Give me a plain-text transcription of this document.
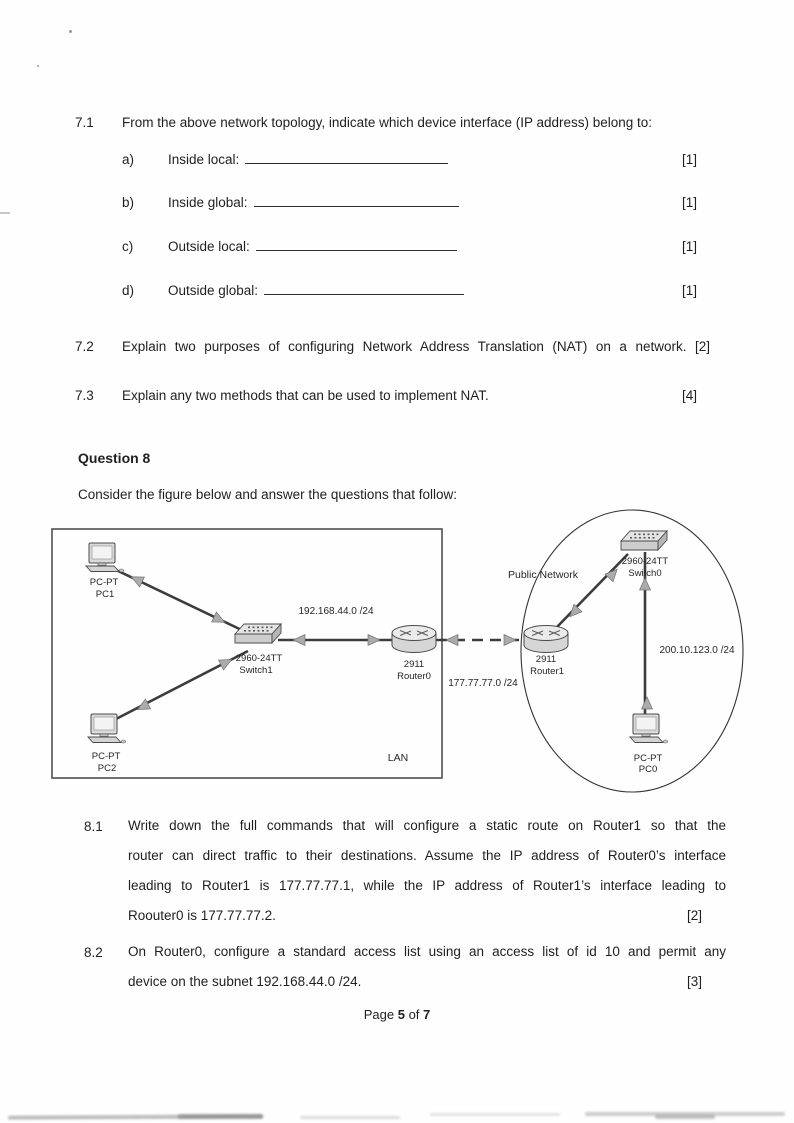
7.1 From the above network topology, indicate which device interface (IP address) belong to:
a)	Inside local:	[1]
b)	Inside global:	[1]
c)	Outside local:	[1]
d)	Outside global:	[1]
7.2 Explain two purposes of configuring Network Address Translation (NAT) on a network. [2]
7.3 Explain any two methods that can be used to implement NAT.	[4]
Question 8
Consider the figure below and answer the questions that follow:
PC-PT
PC1
PC-PT
PC2
PC-PT
PC0
2960-24TT
Switch1
2960-24TT
Switch0
2911
Router0
2911
Router1
192.168.44.0 /24
177.77.77.0 /24
200.10.123.0 /24
LAN
Public Network
8.1 Write down the full commands that will configure a static route on Router1 so that the
router can direct traffic to their destinations. Assume the IP address of Router0’s interface
leading to Router1 is 177.77.77.1, while the IP address of Router1’s interface leading to
Roouter0 is 177.77.77.2.	[2]
8.2 On Router0, configure a standard access list using an access list of id 10 and permit any
device on the subnet 192.168.44.0 /24.	[3]
Page 5 of 7
